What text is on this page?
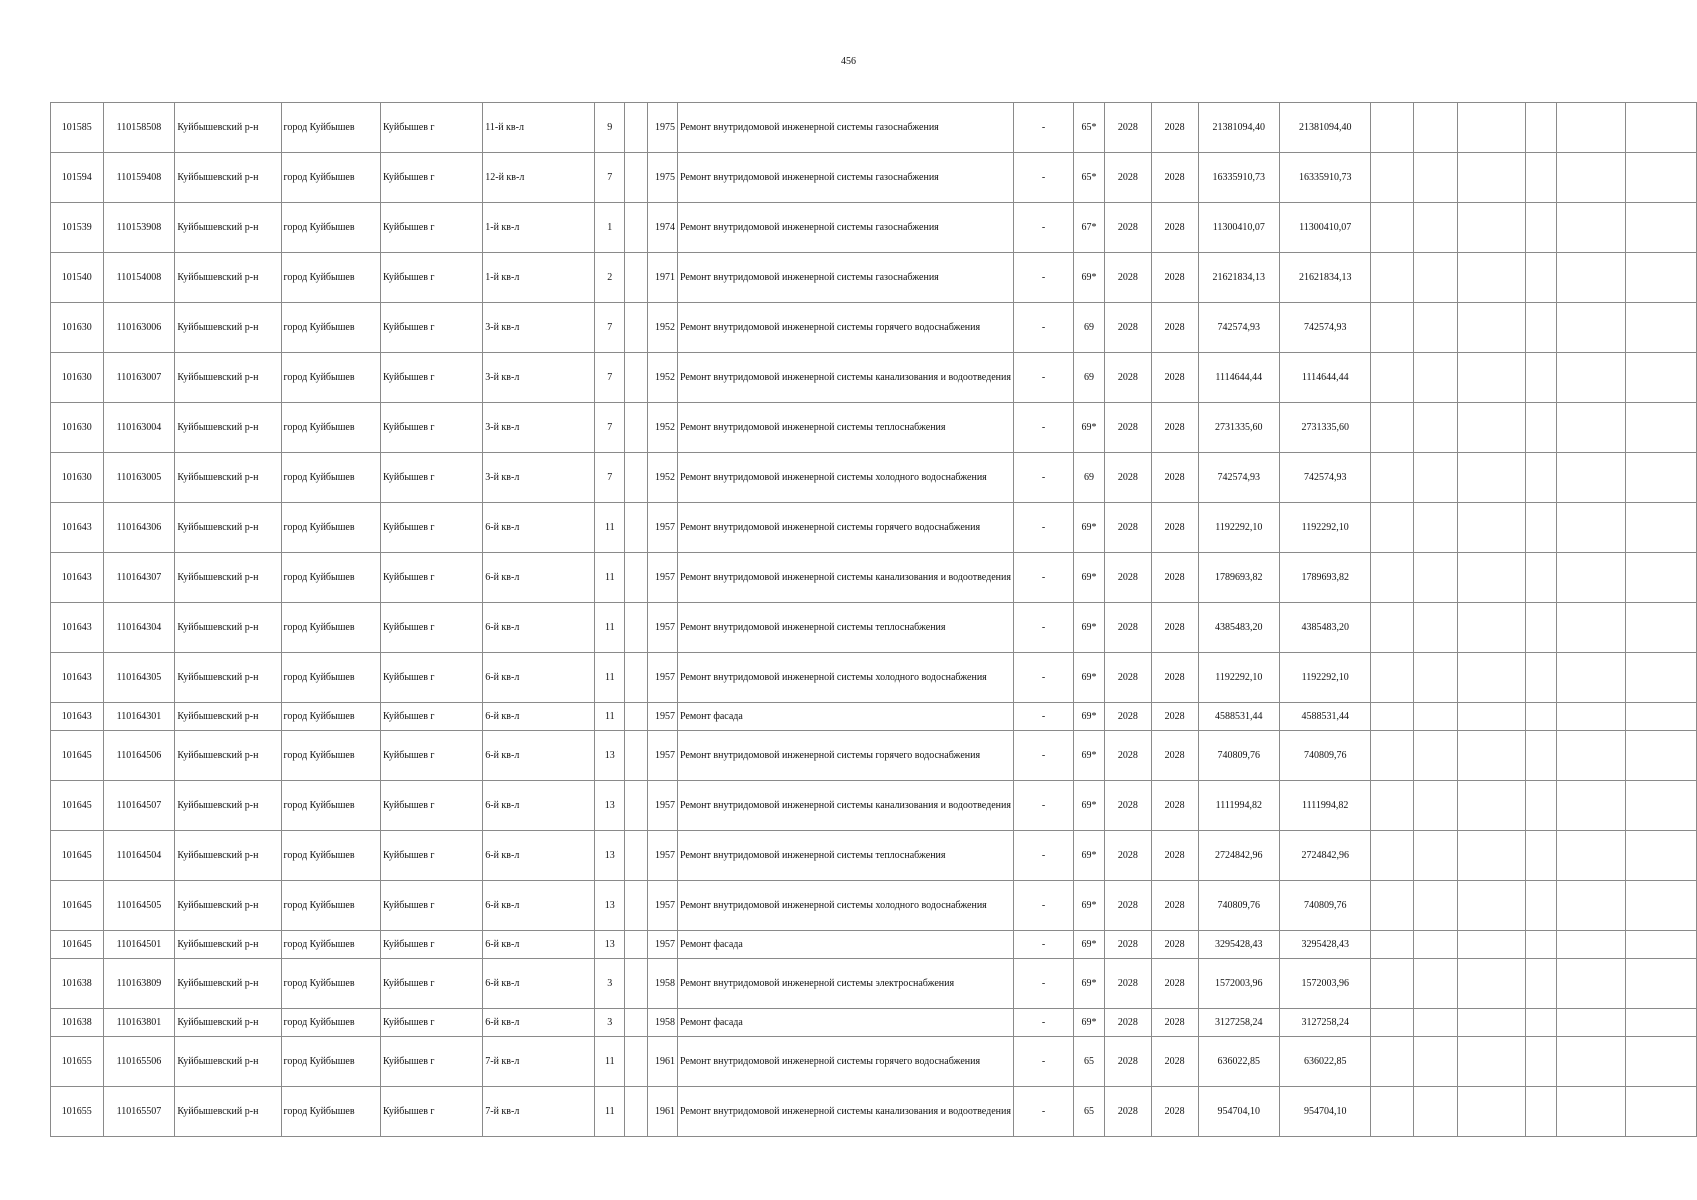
456
101585	110158508	Куйбышевский р-н	город Куйбышев	Куйбышев г	11-й кв-л	9		1975	Ремонт внутридомовой инженерной системы газоснабжения	-	65*	2028	2028	21381094,40	21381094,40						
101594	110159408	Куйбышевский р-н	город Куйбышев	Куйбышев г	12-й кв-л	7		1975	Ремонт внутридомовой инженерной системы газоснабжения	-	65*	2028	2028	16335910,73	16335910,73						
101539	110153908	Куйбышевский р-н	город Куйбышев	Куйбышев г	1-й кв-л	1		1974	Ремонт внутридомовой инженерной системы газоснабжения	-	67*	2028	2028	11300410,07	11300410,07						
101540	110154008	Куйбышевский р-н	город Куйбышев	Куйбышев г	1-й кв-л	2		1971	Ремонт внутридомовой инженерной системы газоснабжения	-	69*	2028	2028	21621834,13	21621834,13						
101630	110163006	Куйбышевский р-н	город Куйбышев	Куйбышев г	3-й кв-л	7		1952	Ремонт внутридомовой инженерной системы горячего водоснабжения	-	69	2028	2028	742574,93	742574,93						
101630	110163007	Куйбышевский р-н	город Куйбышев	Куйбышев г	3-й кв-л	7		1952	Ремонт внутридомовой инженерной системы канализования и водоотведения	-	69	2028	2028	1114644,44	1114644,44						
101630	110163004	Куйбышевский р-н	город Куйбышев	Куйбышев г	3-й кв-л	7		1952	Ремонт внутридомовой инженерной системы теплоснабжения	-	69*	2028	2028	2731335,60	2731335,60						
101630	110163005	Куйбышевский р-н	город Куйбышев	Куйбышев г	3-й кв-л	7		1952	Ремонт внутридомовой инженерной системы холодного водоснабжения	-	69	2028	2028	742574,93	742574,93						
101643	110164306	Куйбышевский р-н	город Куйбышев	Куйбышев г	6-й кв-л	11		1957	Ремонт внутридомовой инженерной системы горячего водоснабжения	-	69*	2028	2028	1192292,10	1192292,10						
101643	110164307	Куйбышевский р-н	город Куйбышев	Куйбышев г	6-й кв-л	11		1957	Ремонт внутридомовой инженерной системы канализования и водоотведения	-	69*	2028	2028	1789693,82	1789693,82						
101643	110164304	Куйбышевский р-н	город Куйбышев	Куйбышев г	6-й кв-л	11		1957	Ремонт внутридомовой инженерной системы теплоснабжения	-	69*	2028	2028	4385483,20	4385483,20						
101643	110164305	Куйбышевский р-н	город Куйбышев	Куйбышев г	6-й кв-л	11		1957	Ремонт внутридомовой инженерной системы холодного водоснабжения	-	69*	2028	2028	1192292,10	1192292,10						
101643	110164301	Куйбышевский р-н	город Куйбышев	Куйбышев г	6-й кв-л	11		1957	Ремонт фасада	-	69*	2028	2028	4588531,44	4588531,44						
101645	110164506	Куйбышевский р-н	город Куйбышев	Куйбышев г	6-й кв-л	13		1957	Ремонт внутридомовой инженерной системы горячего водоснабжения	-	69*	2028	2028	740809,76	740809,76						
101645	110164507	Куйбышевский р-н	город Куйбышев	Куйбышев г	6-й кв-л	13		1957	Ремонт внутридомовой инженерной системы канализования и водоотведения	-	69*	2028	2028	1111994,82	1111994,82						
101645	110164504	Куйбышевский р-н	город Куйбышев	Куйбышев г	6-й кв-л	13		1957	Ремонт внутридомовой инженерной системы теплоснабжения	-	69*	2028	2028	2724842,96	2724842,96						
101645	110164505	Куйбышевский р-н	город Куйбышев	Куйбышев г	6-й кв-л	13		1957	Ремонт внутридомовой инженерной системы холодного водоснабжения	-	69*	2028	2028	740809,76	740809,76						
101645	110164501	Куйбышевский р-н	город Куйбышев	Куйбышев г	6-й кв-л	13		1957	Ремонт фасада	-	69*	2028	2028	3295428,43	3295428,43						
101638	110163809	Куйбышевский р-н	город Куйбышев	Куйбышев г	6-й кв-л	3		1958	Ремонт внутридомовой инженерной системы электроснабжения	-	69*	2028	2028	1572003,96	1572003,96						
101638	110163801	Куйбышевский р-н	город Куйбышев	Куйбышев г	6-й кв-л	3		1958	Ремонт фасада	-	69*	2028	2028	3127258,24	3127258,24						
101655	110165506	Куйбышевский р-н	город Куйбышев	Куйбышев г	7-й кв-л	11		1961	Ремонт внутридомовой инженерной системы горячего водоснабжения	-	65	2028	2028	636022,85	636022,85						
101655	110165507	Куйбышевский р-н	город Куйбышев	Куйбышев г	7-й кв-л	11		1961	Ремонт внутридомовой инженерной системы канализования и водоотведения	-	65	2028	2028	954704,10	954704,10						
